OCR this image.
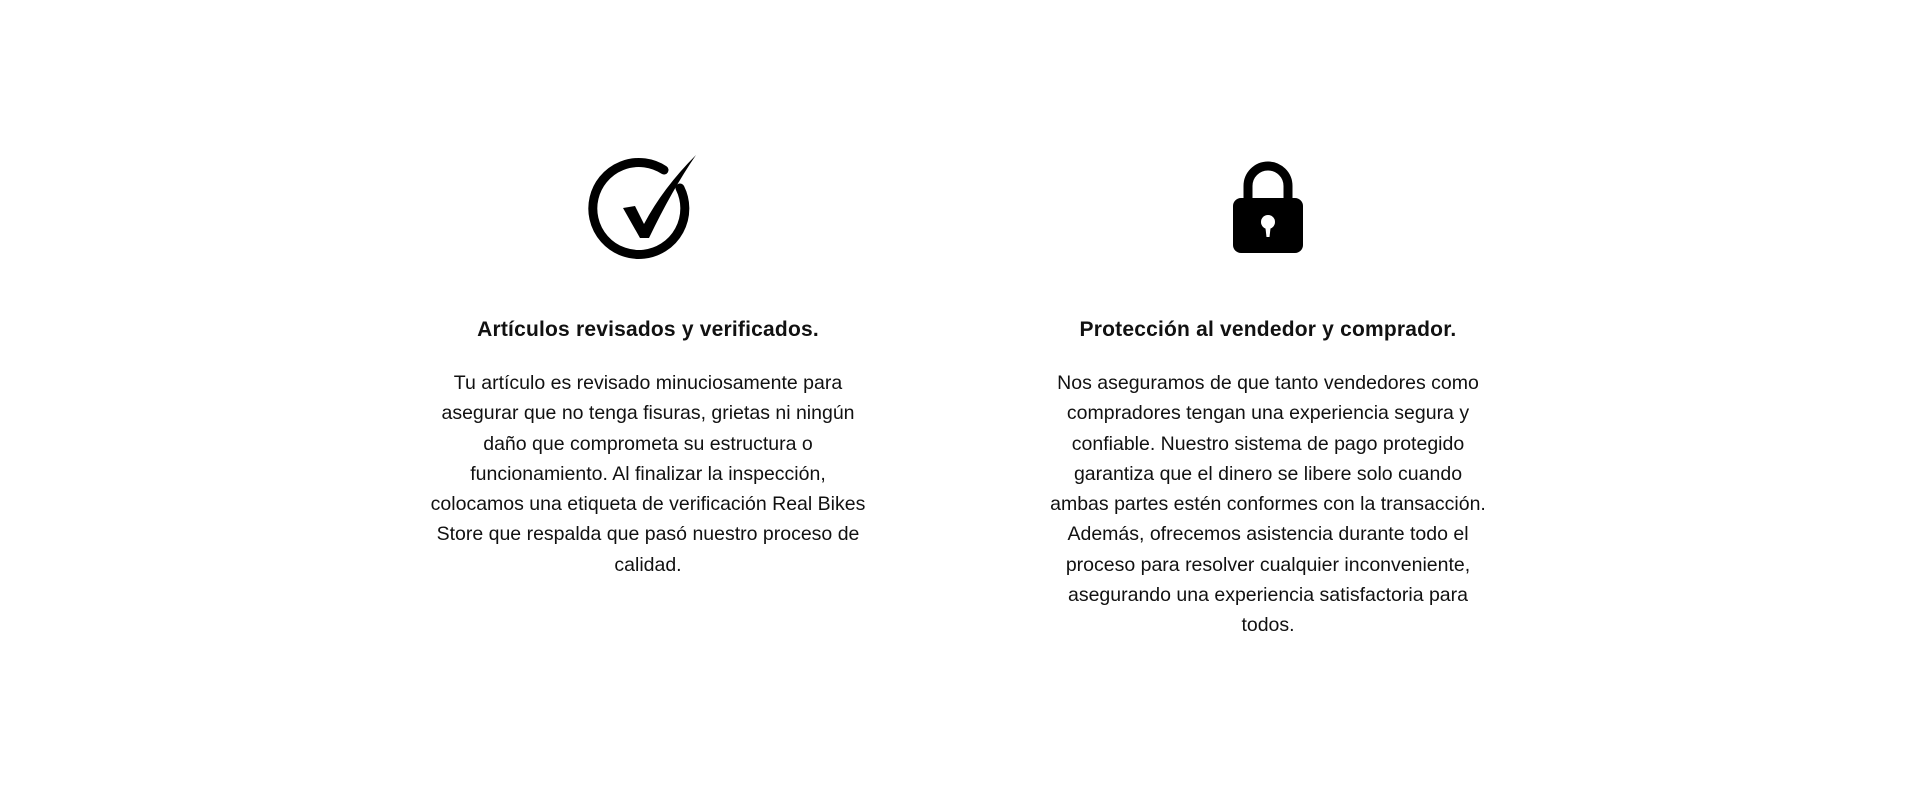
Artículos revisados y verificados.
Tu artículo es revisado minuciosamente para asegurar que no tenga fisuras, grietas ni ningún daño que comprometa su estructura o funcionamiento. Al finalizar la inspección, colocamos una etiqueta de verificación Real Bikes Store que respalda que pasó nuestro proceso de calidad.
Protección al vendedor y comprador.
Nos aseguramos de que tanto vendedores como compradores tengan una experiencia segura y confiable. Nuestro sistema de pago protegido garantiza que el dinero se libere solo cuando ambas partes estén conformes con la transacción. Además, ofrecemos asistencia durante todo el proceso para resolver cualquier inconveniente, asegurando una experiencia satisfactoria para todos.
